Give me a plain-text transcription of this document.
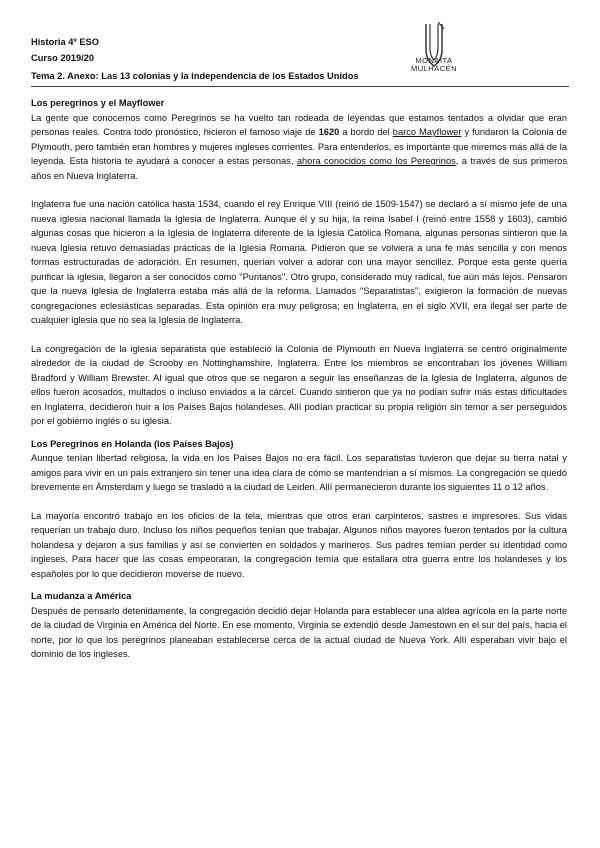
Historia 4º ESO
Curso 2019/20	MONAITA
MULHACÉN
Tema 2. Anexo: Las 13 colonias y la independencia de los Estados Unidos

Los peregrinos y el Mayflower

La gente que conocemos como Peregrinos se ha vuelto tan rodeada de leyendas que estamos tentados a olvidar que eran personas reales. Contra todo pronóstico, hicieron el famoso viaje de 1620 a bordo del barco Mayflower y fundaron la Colonia de Plymouth, pero también eran hombres y mujeres ingleses corrientes. Para entenderlos, es importante que miremos más allá de la leyenda. Esta historia te ayudará a conocer a estas personas, ahora conocidos como los Peregrinos, a través de sus primeros años en Nueva Inglaterra.

Inglaterra fue una nación católica hasta 1534, cuando el rey Enrique VIII (reinó de 1509-1547) se declaró a sí mismo jefe de una nueva iglesia nacional llamada la Iglesia de Inglaterra. Aunque él y su hija, la reina Isabel I (reinó entre 1558 y 1603), cambió algunas cosas que hicieron a la Iglesia de Inglaterra diferente de la Iglesia Católica Romana, algunas personas sintieron que la nueva Iglesia retuvo demasiadas prácticas de la Iglesia Romana. Pidieron que se volviera a una fe más sencilla y con menos formas estructuradas de adoración. En resumen, querían volver a adorar con una mayor sencillez. Porque esta gente quería purificar la iglesia, llegaron a ser conocidos como "Puritanos". Otro grupo, considerado muy radical, fue aún más lejos. Pensaron que la nueva Iglesia de Inglaterra estaba más allá de la reforma. Llamados "Separatistas", exigieron la formación de nuevas congregaciones eclesiásticas separadas. Esta opinión era muy peligrosa; en Inglaterra, en el siglo XVII, era ilegal ser parte de cualquier iglesia que no sea la Iglesia de Inglaterra.

La congregación de la iglesia separatista que estableció la Colonia de Plymouth en Nueva Inglaterra se centró originalmente alrededor de la ciudad de Scrooby en Nottinghamshire, Inglaterra. Entre los miembros se encontraban los jóvenes William Bradford y William Brewster. Al igual que otros que se negaron a seguir las enseñanzas de la Iglesia de Inglaterra, algunos de ellos fueron acosados, multados o incluso enviados a la cárcel. Cuando sintieron que ya no podían sufrir más estas dificultades en Inglaterra, decidieron huir a los Países Bajos holandeses. Allí podían practicar su propia religión sin temor a ser perseguidos por el gobierno inglés o su iglesia.

Los Peregrinos en Holanda (los Países Bajos)

Aunque tenían libertad religiosa, la vida en los Países Bajos no era fácil. Los separatistas tuvieron que dejar su tierra natal y amigos para vivir en un país extranjero sin tener una idea clara de cómo se mantendrían a sí mismos. La congregación se quedó brevemente en Ámsterdam y luego se trasladó a la ciudad de Leiden. Allí permanecieron durante los siguientes 11 o 12 años.

La mayoría encontró trabajo en los oficios de la tela, mientras que otros eran carpinteros, sastres e impresores. Sus vidas requerían un trabajo duro. Incluso los niños pequeños tenían que trabajar. Algunos niños mayores fueron tentados por la cultura holandesa y dejaron a sus familias y así se convierten en soldados y marineros. Sus padres temían perder su identidad como ingleses. Para hacer que las cosas empeoraran, la congregación temía que estallara otra guerra entre los holandeses y los españoles por lo que decidieron moverse de nuevo.

La mudanza a América

Después de pensarlo detenidamente, la congregación decidió dejar Holanda para establecer una aldea agrícola en la parte norte de la ciudad de Virginia en América del Norte. En ese momento, Virginia se extendió desde Jamestown en el sur del país, hacia el norte, por lo que los peregrinos planeaban establecerse cerca de la actual ciudad de Nueva York. Allí esperaban vivir bajo el dominio de los ingleses.
